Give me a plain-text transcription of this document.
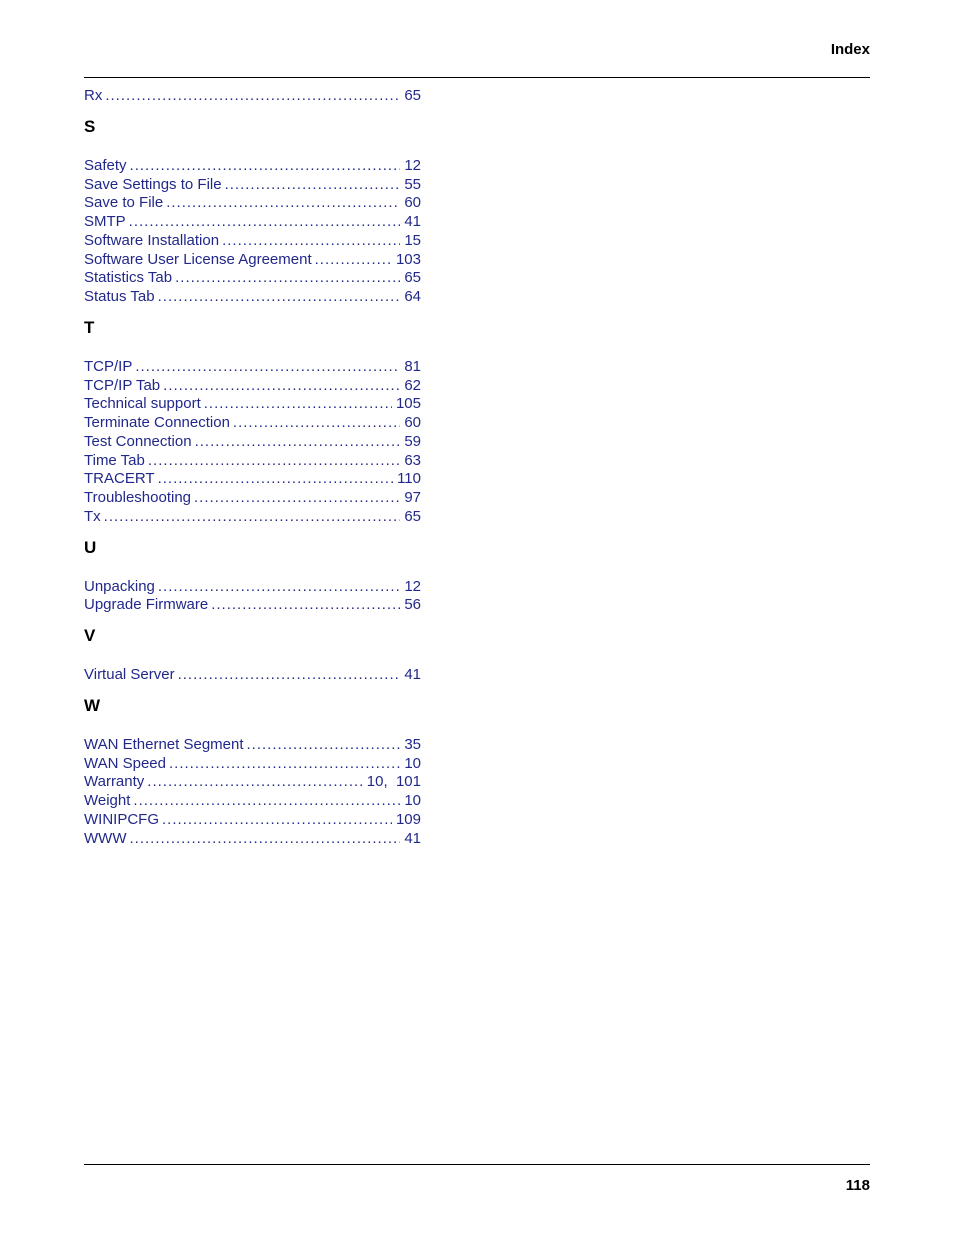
Index
Rx .....	65
S
Safety .....	12
Save Settings to File .....	55
Save to File .....	60
SMTP .....	41
Software Installation .....	15
Software User License Agreement .....	103
Statistics Tab .....	65
Status Tab .....	64
T
TCP/IP .....	81
TCP/IP Tab .....	62
Technical support .....	105
Terminate Connection .....	60
Test Connection .....	59
Time Tab .....	63
TRACERT .....	110
Troubleshooting .....	97
Tx .....	65
U
Unpacking .....	12
Upgrade Firmware .....	56
V
Virtual Server .....	41
W
WAN Ethernet Segment .....	35
WAN Speed .....	10
Warranty .....	10,  101
Weight .....	10
WINIPCFG .....	109
WWW .....	41
118
